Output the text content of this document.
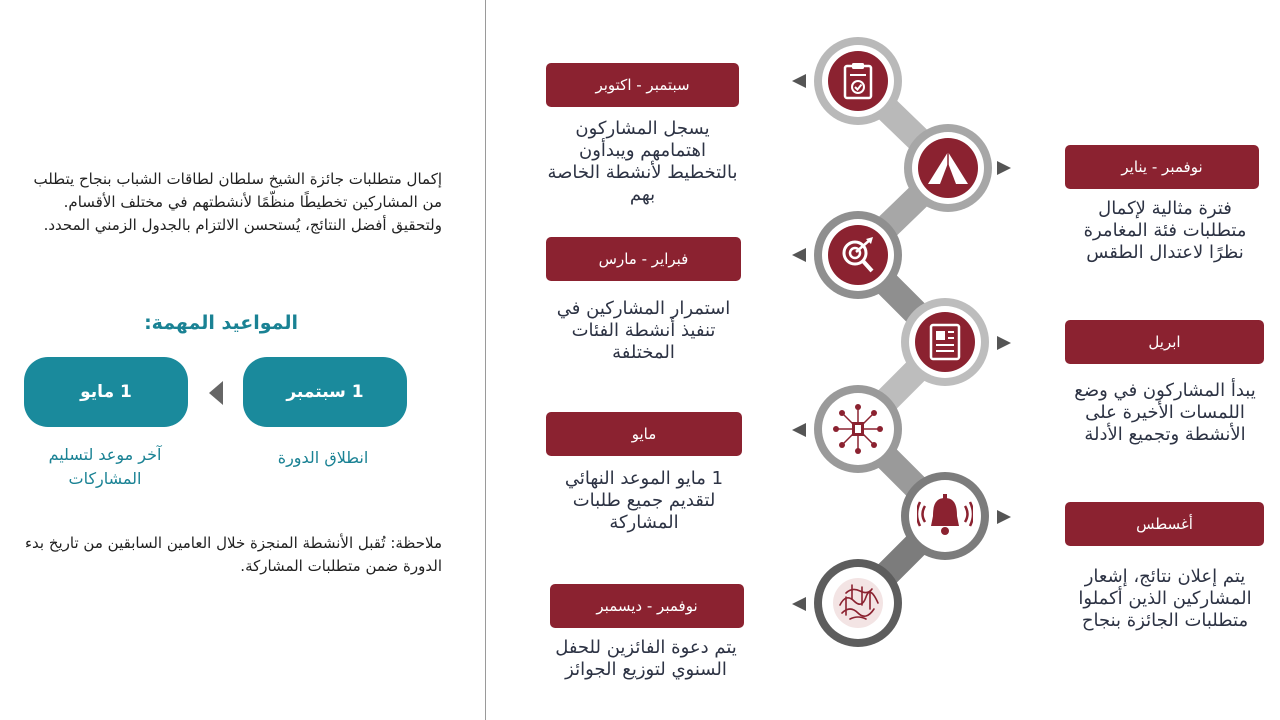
إكمال متطلبات جائزة الشيخ سلطان لطاقات الشباب بنجاح يتطلب من المشاركين تخطيطًا منظّمًا لأنشطتهم في مختلف الأقسام. ولتحقيق أفضل النتائج، يُستحسن الالتزام بالجدول الزمني المحدد.
المواعيد المهمة:
1 سبتمبر
1 مايو
انطلاق الدورة
آخر موعد لتسليم المشاركات
ملاحظة: تُقبل الأنشطة المنجزة خلال العامين السابقين من تاريخ بدء الدورة ضمن متطلبات المشاركة.
سبتمبر - اكتوبر
يسجل المشاركون اهتمامهم ويبدأون بالتخطيط لأنشطة الخاصة بهم
نوفمبر - يناير
فترة مثالية لإكمال متطلبات فئة المغامرة نظرًا لاعتدال الطقس
فبراير - مارس
استمرار المشاركين في تنفيذ أنشطة الفئات المختلفة	ابريل
يبدأ المشاركون في وضع اللمسات الأخيرة على الأنشطة وتجميع الأدلة
مايو
1 مايو الموعد النهائي لتقديم جميع طلبات المشاركة	أغسطس
يتم إعلان نتائج، إشعار المشاركين الذين أكملوا متطلبات الجائزة بنجاح
نوفمبر - ديسمبر
يتم دعوة الفائزين للحفل السنوي لتوزيع الجوائز
